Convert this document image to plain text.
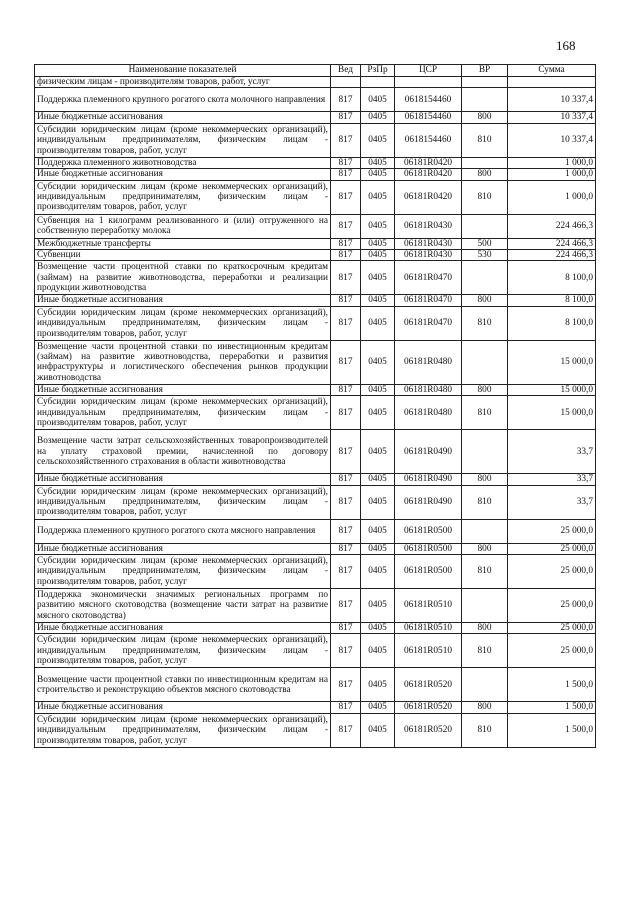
168
Наименование показателей	Вед	РзПр	ЦСР	ВР	Сумма
физическим лицам - производителям товаров, работ, услуг					
Поддержка племенного крупного рогатого скота молочного направления	817	0405	0618154460		10 337,4
Иные бюджетные ассигнования	817	0405	0618154460	800	10 337,4
Субсидии юридическим лицам (кроме некоммерческих организаций), индивидуальным предпринимателям, физическим лицам - производителям товаров, работ, услуг	817	0405	0618154460	810	10 337,4
Поддержка племенного животноводства	817	0405	06181R0420		1 000,0
Иные бюджетные ассигнования	817	0405	06181R0420	800	1 000,0
Субсидии юридическим лицам (кроме некоммерческих организаций), индивидуальным предпринимателям, физическим лицам - производителям товаров, работ, услуг	817	0405	06181R0420	810	1 000,0
Субвенция на 1 килограмм реализованного и (или) отгруженного на собственную переработку молока	817	0405	06181R0430		224 466,3
Межбюджетные трансферты	817	0405	06181R0430	500	224 466,3
Субвенции	817	0405	06181R0430	530	224 466,3
Возмещение части процентной ставки по краткосрочным кредитам (займам) на развитие животноводства, переработки и реализации продукции животноводства	817	0405	06181R0470		8 100,0
Иные бюджетные ассигнования	817	0405	06181R0470	800	8 100,0
Субсидии юридическим лицам (кроме некоммерческих организаций), индивидуальным предпринимателям, физическим лицам - производителям товаров, работ, услуг	817	0405	06181R0470	810	8 100,0
Возмещение части процентной ставки по инвестиционным кредитам (займам) на развитие животноводства, переработки и развития инфраструктуры и логистического обеспечения рынков продукции животноводства	817	0405	06181R0480		15 000,0
Иные бюджетные ассигнования	817	0405	06181R0480	800	15 000,0
Субсидии юридическим лицам (кроме некоммерческих организаций), индивидуальным предпринимателям, физическим лицам - производителям товаров, работ, услуг	817	0405	06181R0480	810	15 000,0
Возмещение части затрат сельскохозяйственных товаропроизводителей на уплату страховой премии, начисленной по договору сельскохозяйственного страхования в области животноводства	817	0405	06181R0490		33,7
Иные бюджетные ассигнования	817	0405	06181R0490	800	33,7
Субсидии юридическим лицам (кроме некоммерческих организаций), индивидуальным предпринимателям, физическим лицам - производителям товаров, работ, услуг	817	0405	06181R0490	810	33,7
Поддержка племенного крупного рогатого скота мясного направления	817	0405	06181R0500		25 000,0
Иные бюджетные ассигнования	817	0405	06181R0500	800	25 000,0
Субсидии юридическим лицам (кроме некоммерческих организаций), индивидуальным предпринимателям, физическим лицам - производителям товаров, работ, услуг	817	0405	06181R0500	810	25 000,0
Поддержка экономически значимых региональных программ по развитию мясного скотоводства (возмещение части затрат на развитие мясного скотоводства)	817	0405	06181R0510		25 000,0
Иные бюджетные ассигнования	817	0405	06181R0510	800	25 000,0
Субсидии юридическим лицам (кроме некоммерческих организаций), индивидуальным предпринимателям, физическим лицам - производителям товаров, работ, услуг	817	0405	06181R0510	810	25 000,0
Возмещение части процентной ставки по инвестиционным кредитам на строительство и реконструкцию объектов мясного скотоводства	817	0405	06181R0520		1 500,0
Иные бюджетные ассигнования	817	0405	06181R0520	800	1 500,0
Субсидии юридическим лицам (кроме некоммерческих организаций), индивидуальным предпринимателям, физическим лицам - производителям товаров, работ, услуг	817	0405	06181R0520	810	1 500,0
